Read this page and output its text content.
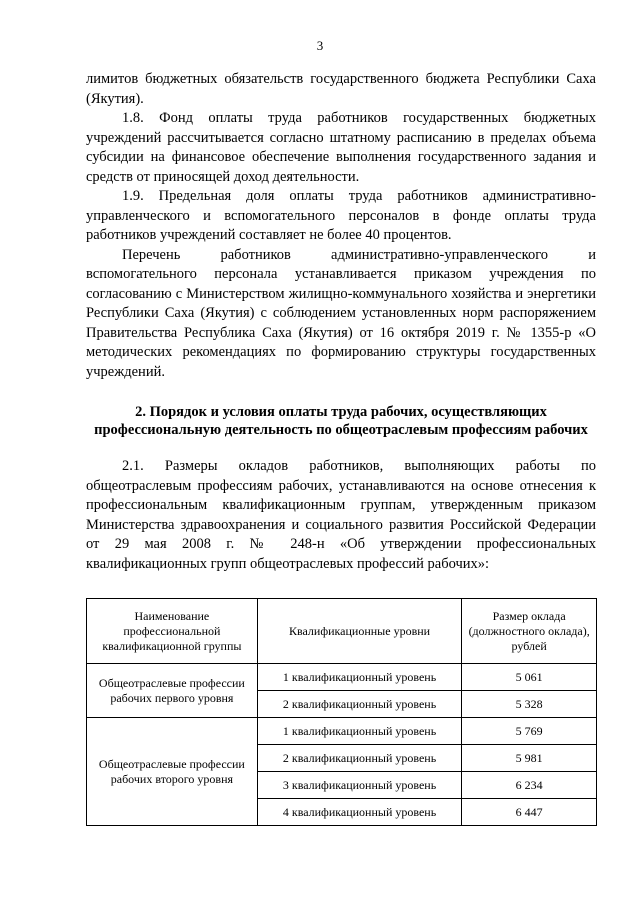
3

лимитов бюджетных обязательств государственного бюджета Республики Саха (Якутия).

1.8. Фонд оплаты труда работников государственных бюджетных учреждений рассчитывается согласно штатному расписанию в пределах объема субсидии на финансовое обеспечение выполнения государственного задания и средств от приносящей доход деятельности.

1.9. Предельная доля оплаты труда работников административно-управленческого и вспомогательного персоналов в фонде оплаты труда работников учреждений составляет не более 40 процентов.

Перечень работников административно-управленческого и вспомогательного персонала устанавливается приказом учреждения по согласованию с Министерством жилищно-коммунального хозяйства и энергетики Республики Саха (Якутия) с соблюдением установленных норм распоряжением Правительства Республика Саха (Якутия) от 16 октября 2019 г. № 1355-р «О методических рекомендациях по формированию структуры государственных учреждений.

2. Порядок и условия оплаты труда рабочих, осуществляющих профессиональную деятельность по общеотраслевым профессиям рабочих

2.1. Размеры окладов работников, выполняющих работы по общеотраслевым профессиям рабочих, устанавливаются на основе отнесения к профессиональным квалификационным группам, утвержденным приказом Министерства здравоохранения и социального развития Российской Федерации от 29 мая 2008 г. № 248-н «Об утверждении профессиональных квалификационных групп общеотраслевых профессий рабочих»:

Наименование профессиональной квалификационной группы	Квалификационные уровни	Размер оклада (должностного оклада), рублей
Общеотраслевые профессии рабочих первого уровня	1 квалификационный уровень	5 061
	2 квалификационный уровень	5 328
Общеотраслевые профессии рабочих второго уровня	1 квалификационный уровень	5 769
	2 квалификационный уровень	5 981
	3 квалификационный уровень	6 234
	4 квалификационный уровень	6 447
